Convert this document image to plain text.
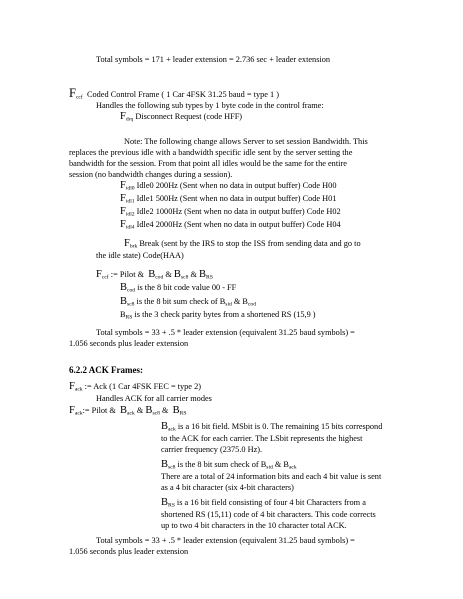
Total symbols = 171 + leader extension = 2.736 sec + leader extension
$F_{ccf}$ Coded Control Frame ( 1 Car 4FSK 31.25 baud = type 1 )
Handles the following sub types by 1 byte code in the control frame:
$F_{drq}$ Disconnect Request (code HFF)
Note: The following change allows Server to set session Bandwidth. This
replaces the previous idle with a bandwidth specific idle sent by the server setting the
bandwidth for the session. From that point all idles would be the same for the entire
session (no bandwidth changes during a session).
$F_{idl0}$ Idle0 200Hz (Sent when no data in output buffer) Code H00
$F_{idl1}$ Idle1 500Hz (Sent when no data in output buffer) Code H01
$F_{idl2}$ Idle2 1000Hz (Sent when no data in output buffer) Code H02
$F_{idl4}$ Idle4 2000Hz (Sent when no data in output buffer) Code H04
$F_{brk}$ Break (sent by the IRS to stop the ISS from sending data and go to
the idle state) Code(HAA)
$F_{ccf}$ := Pilot & $B_{cod}$ & $B_{sc8}$ & $B_{RS}$
$B_{cod}$ is the 8 bit code value 00 - FF
$B_{sc8}$ is the 8 bit sum check of $B_{sid}$ & $B_{cod}$
$B_{RS}$ is the 3 check parity bytes from a shortened RS (15,9 )
Total symbols = 33 + .5 * leader extension (equivalent 31.25 baud symbols) =
1.056 seconds plus leader extension
6.2.2 ACK Frames:
$F_{ack}$ := Ack (1 Car 4FSK FEC = type 2)
Handles ACK for all carrier modes
$F_{ack}:=$ Pilot & $B_{ack}$ & $B_{sc8}$ &  $B_{RS}$
$B_{ack}$ is a 16 bit field. MSbit is 0. The remaining 15 bits correspond
to the ACK for each carrier. The LSbit represents the highest
carrier frequency (2375.0 Hz).
$B_{sc8}$ is the 8 bit sum check of $B_{sid}$ & $B_{ack}$
There are a total of 24 information bits and each 4 bit value is sent
as a 4 bit character (six 4-bit characters)
$B_{RS}$ is a 16 bit field consisting of four 4 bit Characters from a
shortened RS (15,11) code of 4 bit characters. This code corrects
up to two 4 bit characters in the 10 character total ACK.
Total symbols = 33 + .5 * leader extension (equivalent 31.25 baud symbols) =
1.056 seconds plus leader extension
